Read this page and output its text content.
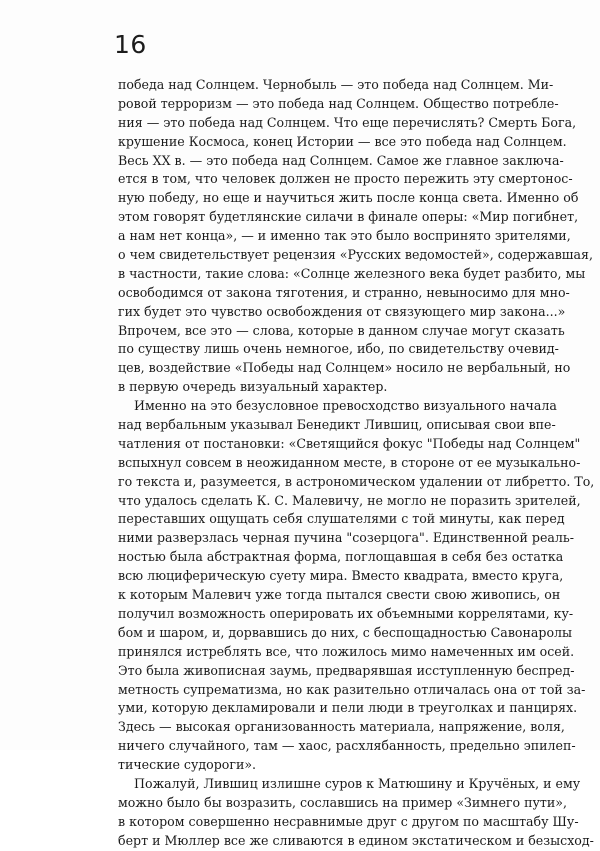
16
победа над Солнцем. Чернобыль — это победа над Солнцем. Ми-
ровой терроризм — это победа над Солнцем. Общество потребле-
ния — это победа над Солнцем. Что еще перечислять? Смерть Бога,
крушение Космоса, конец Истории — все это победа над Солнцем.
Весь XX в. — это победа над Солнцем. Самое же главное заключа-
ется в том, что человек должен не просто пережить эту смертонос-
ную победу, но еще и научиться жить после конца света. Именно об
этом говорят будетлянские силачи в финале оперы: «Мир погибнет,
а нам нет конца», — и именно так это было воспринято зрителями,
о чем свидетельствует рецензия «Русских ведомостей», содержавшая,
в частности, такие слова: «Солнце железного века будет разбито, мы
освободимся от закона тяготения, и странно, невыносимо для мно-
гих будет это чувство освобождения от связующего мир закона...»
Впрочем, все это — слова, которые в данном случае могут сказать
по существу лишь очень немногое, ибо, по свидетельству очевид-
цев, воздействие «Победы над Солнцем» носило не вербальный, но
в первую очередь визуальный характер.
Именно на это безусловное превосходство визуального начала
над вербальным указывал Бенедикт Лившиц, описывая свои впе-
чатления от постановки: «Светящийся фокус "Победы над Солнцем"
вспыхнул совсем в неожиданном месте, в стороне от ее музыкально-
го текста и, разумеется, в астрономическом удалении от либретто. То,
что удалось сделать К. С. Малевичу, не могло не поразить зрителей,
переставших ощущать себя слушателями с той минуты, как перед
ними разверзлась черная пучина "созерцога". Единственной реаль-
ностью была абстрактная форма, поглощавшая в себя без остатка
всю люциферическую суету мира. Вместо квадрата, вместо круга,
к которым Малевич уже тогда пытался свести свою живопись, он
получил возможность оперировать их объемными коррелятами, ку-
бом и шаром, и, дорвавшись до них, с беспощадностью Савонаролы
принялся истреблять все, что ложилось мимо намеченных им осей.
Это была живописная заумь, предварявшая исступленную беспред-
метность супрематизма, но как разительно отличалась она от той за-
уми, которую декламировали и пели люди в треуголках и панцирях.
Здесь — высокая организованность материала, напряжение, воля,
ничего случайного, там — хаос, расхлябанность, предельно эпилеп-
тические судороги».
Пожалуй, Лившиц излишне суров к Матюшину и Кручёных, и ему
можно было бы возразить, сославшись на пример «Зимнего пути»,
в котором совершенно несравнимые друг с другом по масштабу Шу-
берт и Мюллер все же сливаются в едином экстатическом и безысход-
